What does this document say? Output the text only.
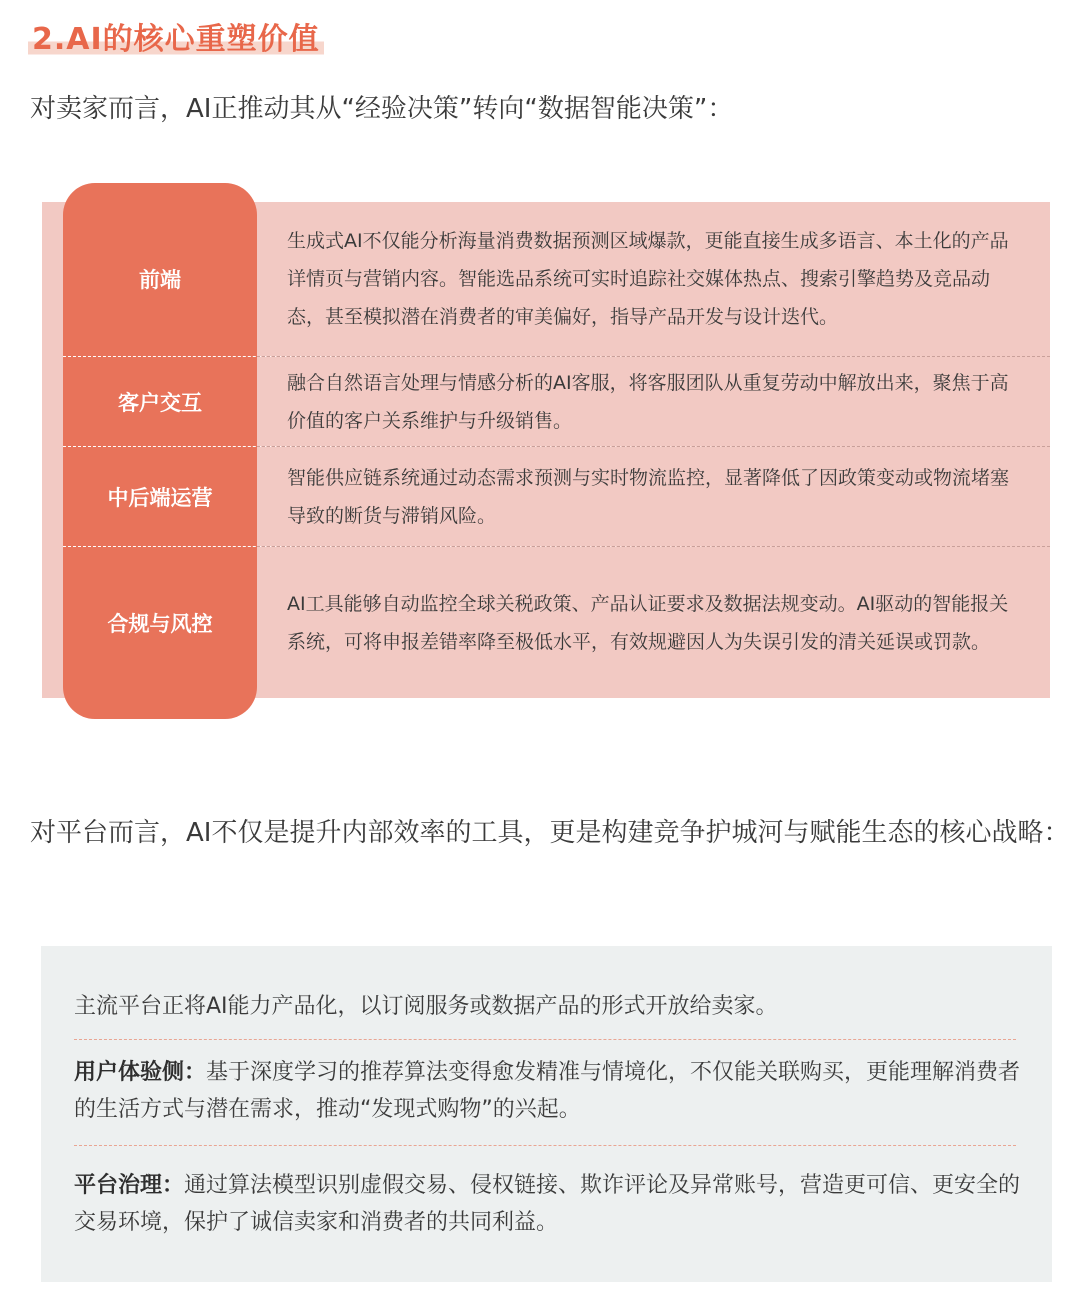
2.AI的核心重塑价值

对卖家而言，AI正推动其从“经验决策”转向“数据智能决策”：

前端
生成式AI不仅能分析海量消费数据预测区域爆款，更能直接生成多语言、本土化的产品详情页与营销内容。智能选品系统可实时追踪社交媒体热点、搜索引擎趋势及竞品动态，甚至模拟潜在消费者的审美偏好，指导产品开发与设计迭代。
客户交互
融合自然语言处理与情感分析的AI客服，将客服团队从重复劳动中解放出来，聚焦于高价值的客户关系维护与升级销售。
中后端运营
智能供应链系统通过动态需求预测与实时物流监控，显著降低了因政策变动或物流堵塞导致的断货与滞销风险。
合规与风控
AI工具能够自动监控全球关税政策、产品认证要求及数据法规变动。AI驱动的智能报关系统，可将申报差错率降至极低水平，有效规避因人为失误引发的清关延误或罚款。

对平台而言，AI不仅是提升内部效率的工具，更是构建竞争护城河与赋能生态的核心战略：

主流平台正将AI能力产品化，以订阅服务或数据产品的形式开放给卖家。
用户体验侧：基于深度学习的推荐算法变得愈发精准与情境化，不仅能关联购买，更能理解消费者的生活方式与潜在需求，推动“发现式购物”的兴起。
平台治理：通过算法模型识别虚假交易、侵权链接、欺诈评论及异常账号，营造更可信、更安全的交易环境，保护了诚信卖家和消费者的共同利益。
